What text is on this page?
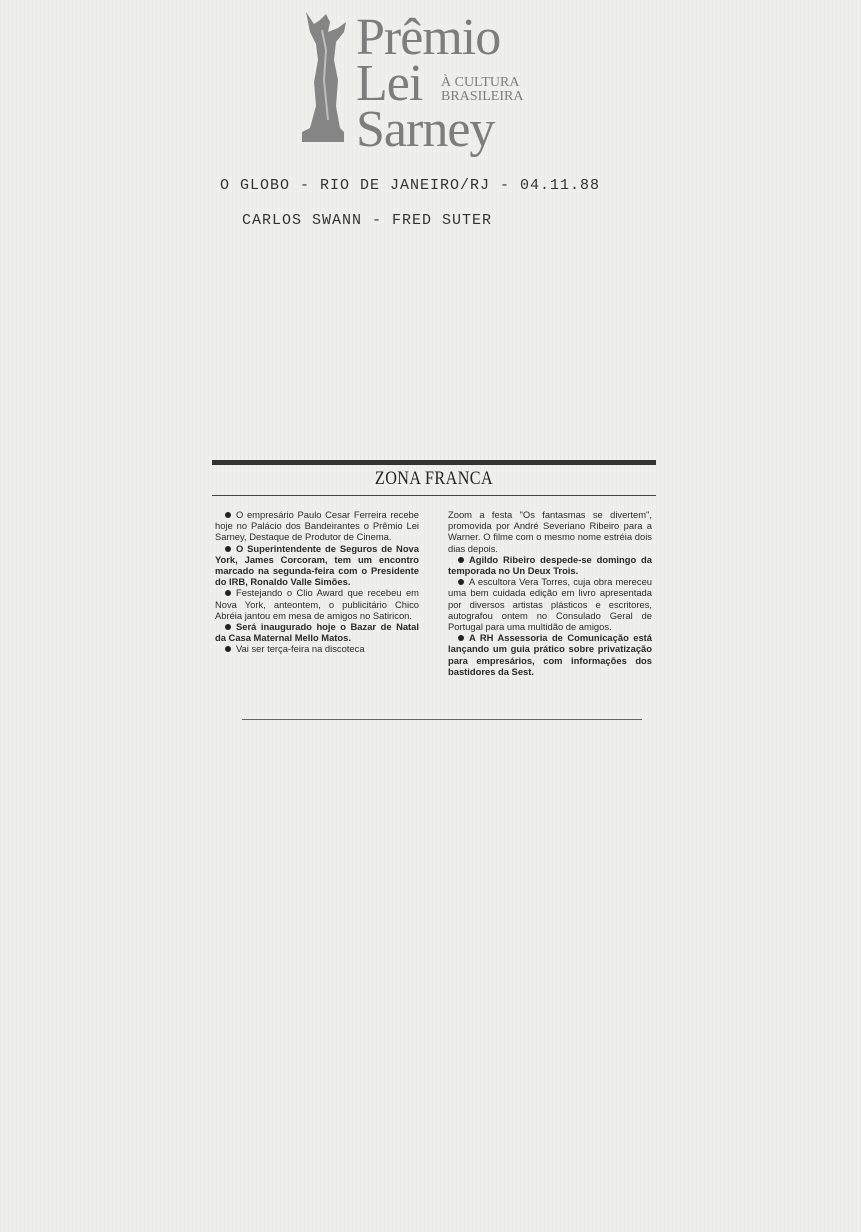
Prêmio
Lei À CULTURA
BRASILEIRA
Sarney
O GLOBO - RIO DE JANEIRO/RJ - 04.11.88
CARLOS SWANN - FRED SUTER
ZONA FRANCA

O empresário Paulo Cesar Ferreira recebe hoje no Palácio dos Bandeirantes o Prêmio Lei Sarney, Destaque de Produtor de Cinema.

O Superintendente de Seguros de Nova York, James Corcoram, tem um encontro marcado na segunda-feira com o Presidente do IRB, Ronaldo Valle Simões.

Festejando o Clio Award que recebeu em Nova York, anteontem, o publicitário Chico Abréia jantou em mesa de amigos no Satiricon.

Será inaugurado hoje o Bazar de Natal da Casa Maternal Mello Matos.

Vai ser terça-feira na discoteca

Zoom a festa "Os fantasmas se divertem", promovida por André Severiano Ribeiro para a Warner. O filme com o mesmo nome estréia dois dias depois.

Agildo Ribeiro despede-se domingo da temporada no Un Deux Trois.

A escultora Vera Torres, cuja obra mereceu uma bem cuidada edição em livro apresentada por diversos artistas plásticos e escritores, autografou ontem no Consulado Geral de Portugal para uma multidão de amigos.

A RH Assessoria de Comunicação está lançando um guia prático sobre privatização para empresários, com informações dos bastidores da Sest.
